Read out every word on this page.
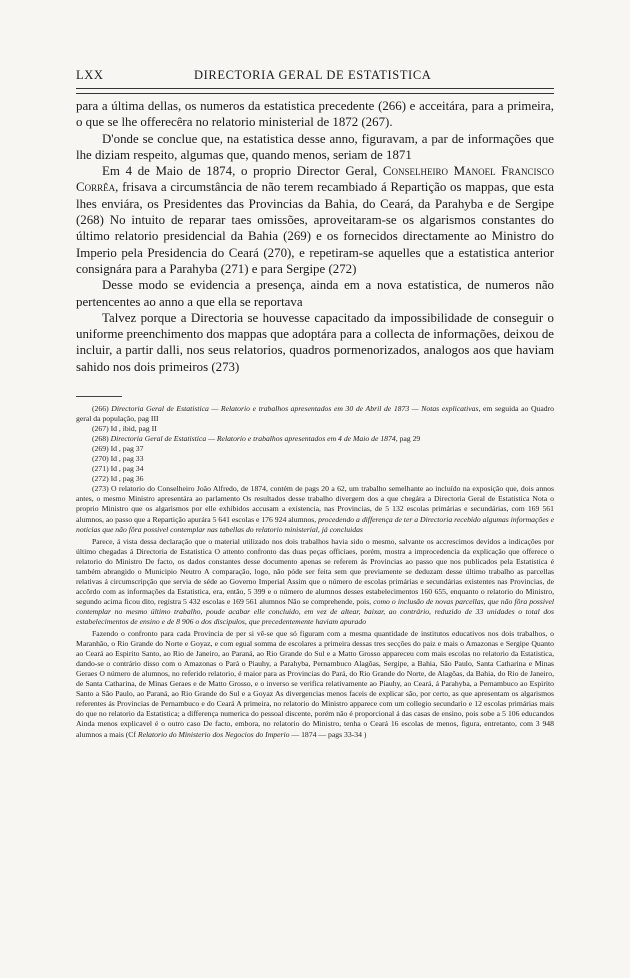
LXX	DIRECTORIA GERAL DE ESTATISTICA

para a última dellas, os numeros da estatistica precedente (266) e acceitára, para a primeira, o que se lhe offerecêra no relatorio ministerial de 1872 (267).

D'onde se conclue que, na estatistica desse anno, figuravam, a par de informações que lhe diziam respeito, algumas que, quando menos, seriam de 1871

Em 4 de Maio de 1874, o proprio Director Geral, Conselheiro Manoel Francisco Corrêa, frisava a circumstância de não terem recambiado á Repartição os mappas, que esta lhes enviára, os Presidentes das Provincias da Bahia, do Ceará, da Parahyba e de Sergipe (268) No intuito de reparar taes omissões, aproveitaram-se os algarismos constantes do último relatorio presidencial da Bahia (269) e os fornecidos directamente ao Ministro do Imperio pela Presidencia do Ceará (270), e repetiram-se aquelles que a estatistica anterior consignára para a Parahyba (271) e para Sergipe (272)

Desse modo se evidencia a presença, ainda em a nova estatistica, de numeros não pertencentes ao anno a que ella se reportava

Talvez porque a Directoria se houvesse capacitado da impossibilidade de conseguir o uniforme preenchimento dos mappas que adoptára para a collecta de informações, deixou de incluir, a partir dalli, nos seus relatorios, quadros pormenorizados, analogos aos que haviam sahido nos dois primeiros (273)

(266) Directoria Geral de Estatistica — Relatorio e trabalhos apresentados em 30 de Abril de 1873 — Notas explicativas, em seguida ao Quadro geral da população, pag III

(267) Id , ibid, pag II

(268) Directoria Geral de Estatistica — Relatorio e trabalhos apresentados em 4 de Maio de 1874, pag 29

(269) Id , pag 37

(270) Id , pag 33

(271) Id , pag 34

(272) Id , pag 36

(273) O relatorio do Conselheiro João Alfredo, de 1874, contém de pags 20 a 62, um trabalho semelhante ao incluído na exposição que, dois annos antes, o mesmo Ministro apresentára ao parlamento Os resultados desse trabalho divergem dos a que chegára a Directoria Geral de Estatistica Nota o proprio Ministro que os algarismos por elle exhibidos accusam a existencia, nas Provincias, de 5 132 escolas primárias e secundárias, com 169 561 alumnos, ao passo que a Repartição apurára 5 641 escolas e 176 924 alumnos, procedendo a differença de ter a Directoria recebido algumas informações e noticias que não fôra possivel contemplar nas tabellas do relatorio ministerial, já concluidas

Parece, á vista dessa declaração que o material utilizado nos dois trabalhos havia sido o mesmo, salvante os accrescimos devidos a indicações por último chegadas á Directoria de Estatistica O attento confronto das duas peças officiaes, porém, mostra a improcedencia da explicação que offerece o relatorio do Ministro De facto, os dados constantes desse documento apenas se referem ás Provincias ao passo que nos publicados pela Estatistica é também abrangido o Municipio Neutro A comparação, logo, não póde ser feita sem que previamente se deduzam desse último trabalho as parcellas relativas á circumscripção que servia de séde ao Governo Imperial Assim que o número de escolas primárias e secundárias existentes nas Provincias, de accôrdo com as informações da Estatistica, era, então, 5 399 e o número de alumnos desses estabelecimentos 160 655, enquanto o relatorio do Ministro, segundo acima ficou dito, registra 5 432 escolas e 169 561 alumnos Não se comprehende, pois, como o inclusão de novas parcellas, que não fôra possivel contemplar no mesmo último trabalho, poude acabar elle concluido, em vez de altear, baixar, ao contrário, reduzido de 33 unidades o total dos estabelecimentos de ensino e de 8 906 o dos discipulos, que precedentemente haviam apurado

Fazendo o confronto para cada Provincia de per si vê-se que só figuram com a mesma quantidade de institutos educativos nos dois trabalhos, o Maranhão, o Rio Grande do Norte e Goyaz, e com egual somma de escolares a primeira dessas tres secções do paiz e mais o Amazonas e Sergipe Quanto ao Ceará ao Espirito Santo, ao Rio de Janeiro, ao Paraná, ao Rio Grande do Sul e a Matto Grosso appareceu com mais escolas no relatorio da Estatistica, dando-se o contrário disso com o Amazonas o Pará o Piauhy, a Parahyba, Pernambuco Alagôas, Sergipe, a Bahia, São Paulo, Santa Catharina e Minas Geraes O número de alumnos, no referido relatorio, é maior para as Provincias do Pará, do Rio Grande do Norte, de Alagôas, da Bahia, do Rio de Janeiro, de Santa Catharina, de Minas Geraes e de Matto Grosso, e o inverso se verifica relativamente ao Piauhy, ao Ceará, á Parahyba, a Pernambuco ao Espirito Santo a São Paulo, ao Paraná, ao Rio Grande do Sul e a Goyaz As divergencias menos faceis de explicar são, por certo, as que apresentam os algarismos referentes ás Provincias de Pernambuco e do Ceará A primeira, no relatorio do Ministro apparece com um collegio secundario e 12 escolas primárias mais do que no relatorio da Estatistica; a differença numerica do pessoal discente, porém não é proporcional á das casas de ensino, pois sobe a 5 106 educandos Ainda menos explicavel é o outro caso De facto, embora, no relatorio do Ministro, tenha o Ceará 16 escolas de menos, figura, entretanto, com 3 948 alumnos a mais (Cf Relatorio do Ministerio dos Negocios do Imperio — 1874 — pags 33-34 )
